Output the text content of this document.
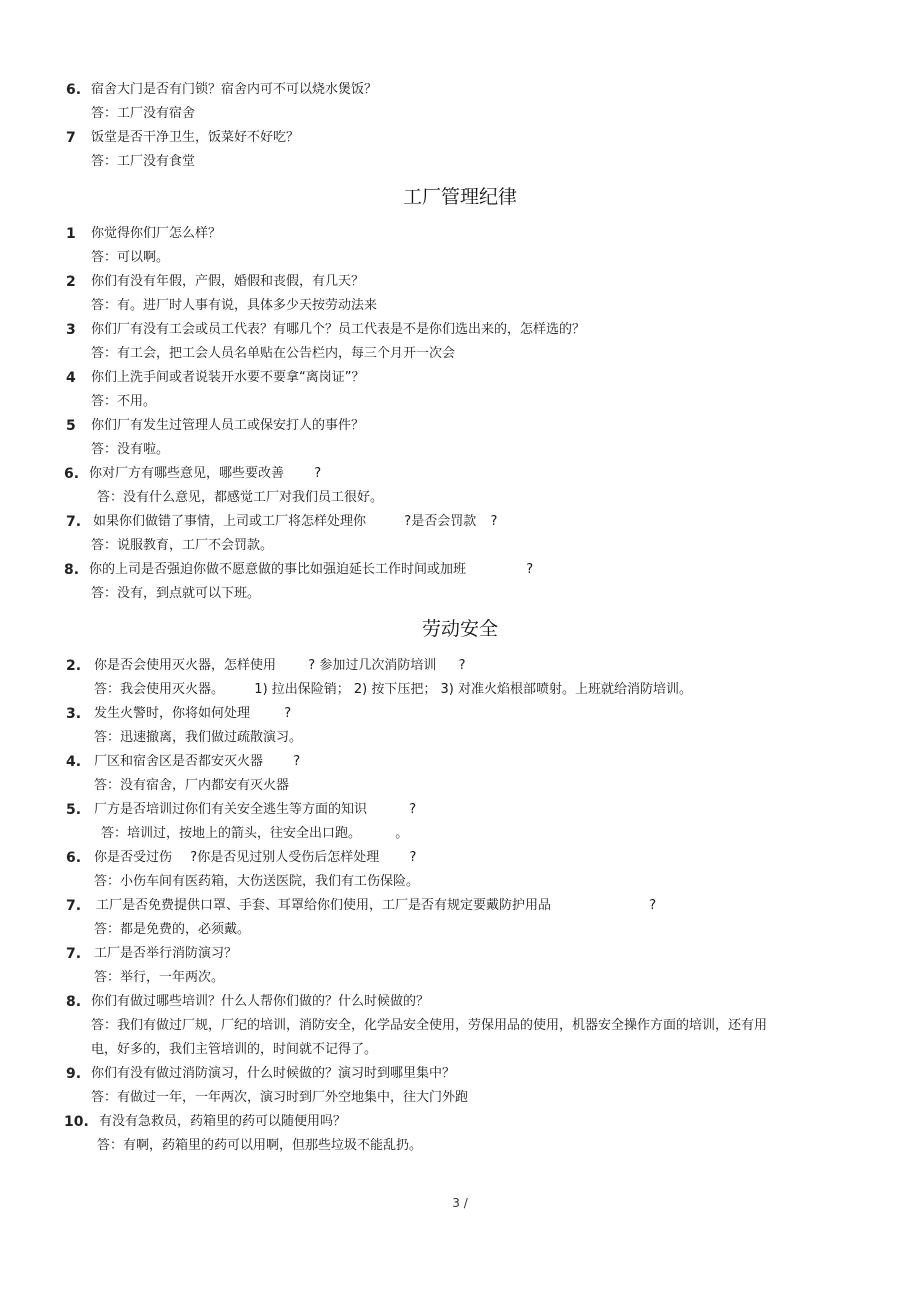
6. 宿舍大门是否有门锁？宿舍内可不可以烧水煲饭？
答：工厂没有宿舍
7 饭堂是否干净卫生，饭菜好不好吃？
答：工厂没有食堂
工厂管理纪律
1 你觉得你们厂怎么样？
答：可以啊。
2 你们有没有年假，产假，婚假和丧假，有几天？
答：有。进厂时人事有说，具体多少天按劳动法来
3 你们厂有没有工会或员工代表？有哪几个？员工代表是不是你们选出来的，怎样选的？
答：有工会，把工会人员名单贴在公告栏内，每三个月开一次会
4 你们上洗手间或者说装开水要不要拿“离岗证”？
答：不用。
5 你们厂有发生过管理人员工或保安打人的事件？
答：没有啦。
6. 你对厂方有哪些意见，哪些要改善 ?
答：没有什么意见，都感觉工厂对我们员工很好。
7. 如果你们做错了事情，上司或工厂将怎样处理你	?是否会罚款 ?
答：说服教育，工厂不会罚款。
8. 你的上司是否强迫你做不愿意做的事比如强迫延长工作时间或加班	?
答：没有，到点就可以下班。
劳动安全
2. 你是否会使用灭火器，怎样使用 ? 参加过几次消防培训 ?
答：我会使用灭火器。 1) 拉出保险销； 2) 按下压把； 3) 对准火焰根部喷射。上班就给消防培训。
3. 发生火警时，你将如何处理	?
答：迅速撤离，我们做过疏散演习。
4. 厂区和宿舍区是否都安灭火器 ?
答：没有宿舍，厂内都安有灭火器
5. 厂方是否培训过你们有关安全逃生等方面的知识	?
答：培训过，按地上的箭头，往安全出口跑。	。
6. 你是否受过伤 ?你是否见过别人受伤后怎样处理 ?
答：小伤车间有医药箱，大伤送医院，我们有工伤保险。
7. 工厂是否免费提供口罩、手套、耳罩给你们使用，工厂是否有规定要戴防护用品	?
答：都是免费的，必须戴。
7. 工厂是否举行消防演习？
答：举行，一年两次。
8. 你们有做过哪些培训？什么人帮你们做的？什么时候做的？
答：我们有做过厂规，厂纪的培训，消防安全，化学品安全使用，劳保用品的使用，机器安全操作方面的培训，还有用电，好多的，我们主管培训的，时间就不记得了。
9. 你们有没有做过消防演习，什么时候做的？演习时到哪里集中？
答：有做过一年，一年两次，演习时到厂外空地集中，往大门外跑
10. 有没有急救员，药箱里的药可以随便用吗？
答：有啊，药箱里的药可以用啊，但那些垃圾不能乱扔。
3 /
